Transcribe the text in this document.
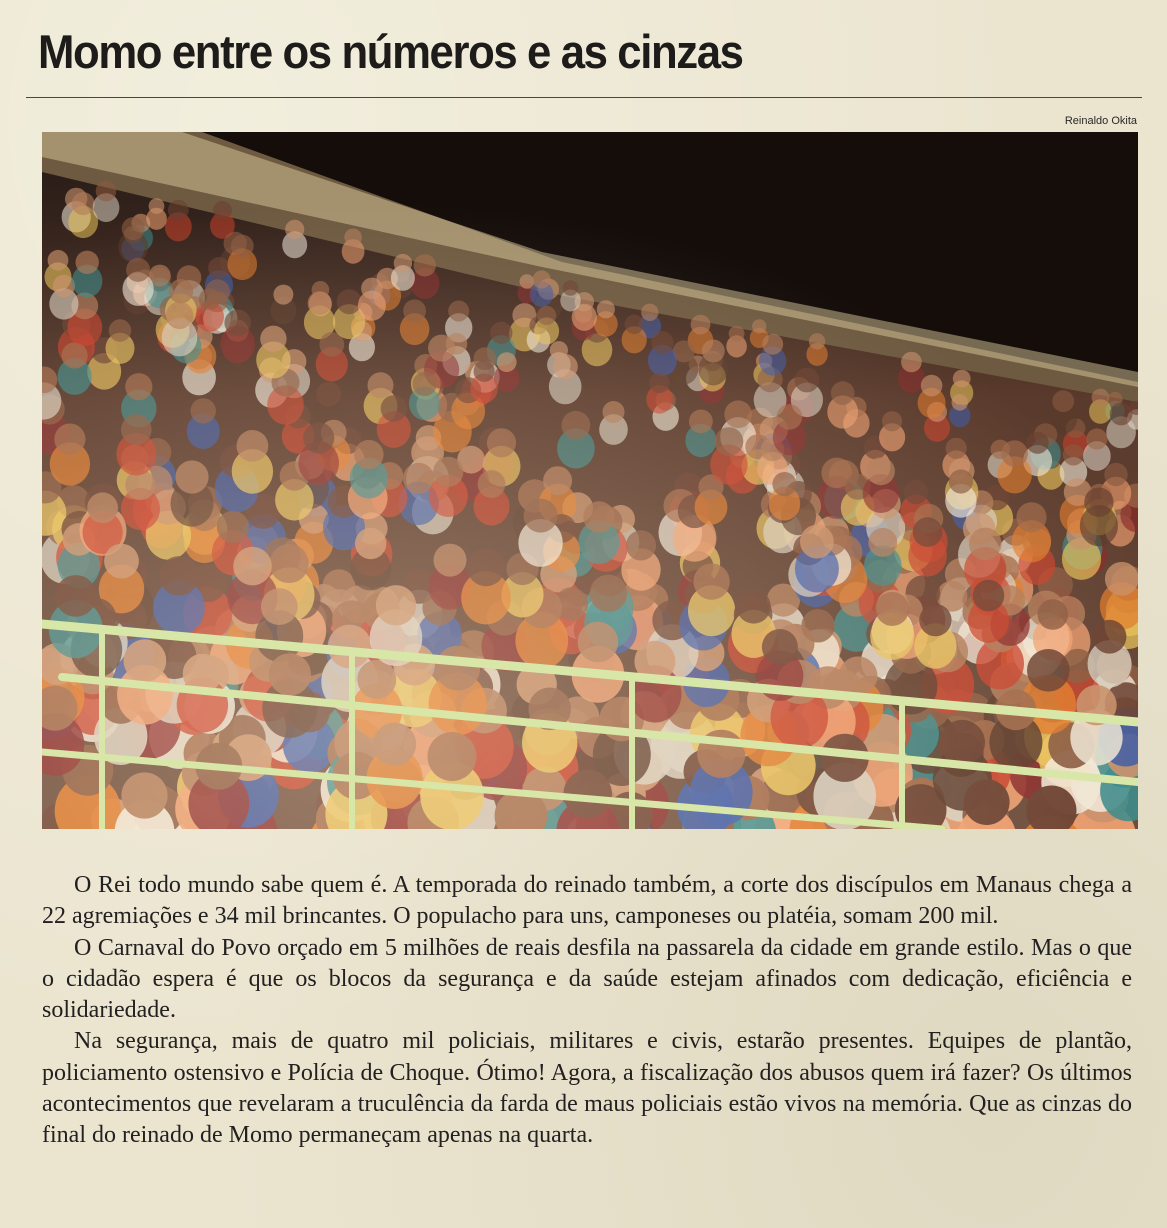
Momo entre os números e as cinzas
Reinaldo Okita

O Rei todo mundo sabe quem é. A temporada do reinado também, a corte dos discípulos em Manaus chega a 22 agremiações e 34 mil brincantes. O populacho para uns, camponeses ou platéia, somam 200 mil.

O Carnaval do Povo orçado em 5 milhões de reais desfila na passarela da cidade em grande estilo. Mas o que o cidadão espera é que os blocos da segurança e da saúde estejam afinados com dedicação, eficiência e solidariedade.

Na segurança, mais de quatro mil policiais, militares e civis, estarão presentes. Equipes de plantão, policiamento ostensivo e Polícia de Choque. Ótimo! Agora, a fiscalização dos abusos quem irá fazer? Os últimos acontecimentos que revelaram a truculência da farda de maus policiais estão vivos na memória. Que as cinzas do final do reinado de Momo permaneçam apenas na quarta.
